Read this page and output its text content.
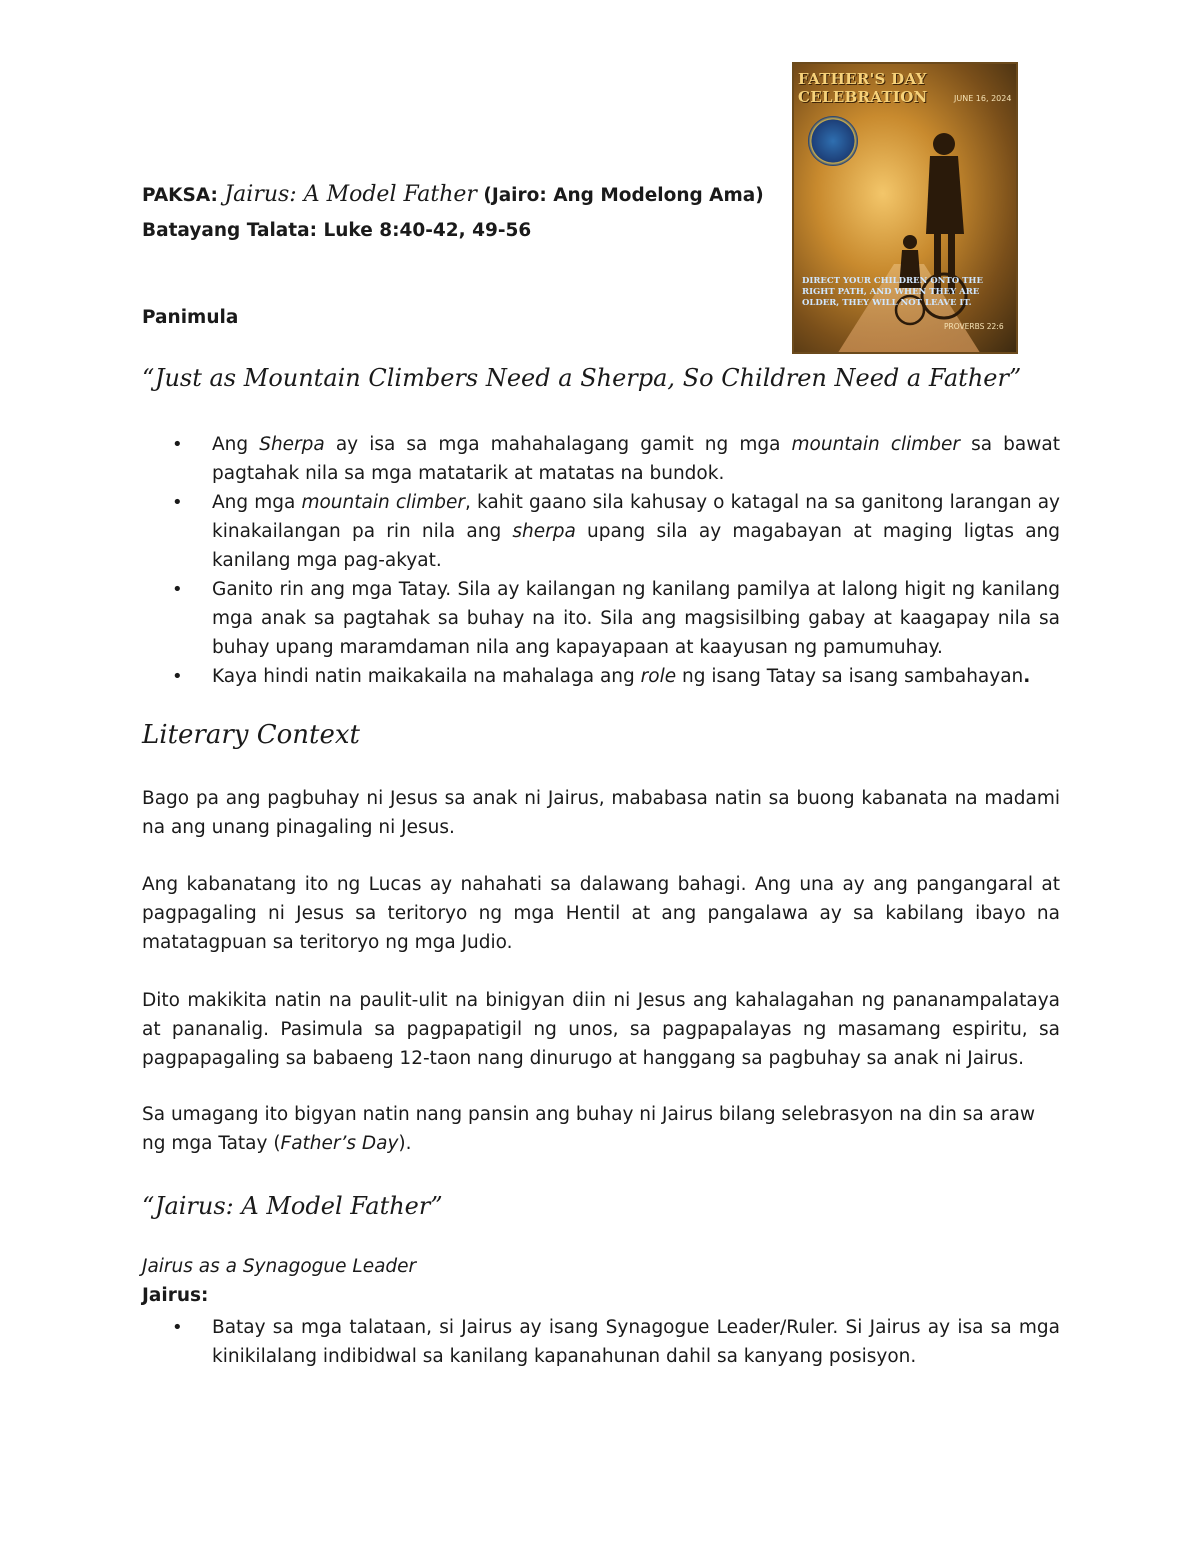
FATHER'S DAY CELEBRATION	JUNE 16, 2024
DIRECT YOUR CHILDREN ONTO THE RIGHT PATH, AND WHEN THEY ARE OLDER, THEY WILL NOT LEAVE IT.
PROVERBS 22:6
PAKSA: Jairus: A Model Father (Jairo: Ang Modelong Ama)
Batayang Talata: Luke 8:40-42, 49-56
Panimula
“Just as Mountain Climbers Need a Sherpa, So Children Need a Father”
• Ang Sherpa ay isa sa mga mahahalagang gamit ng mga mountain climber sa bawat pagtahak nila sa mga matatarik at matatas na bundok.
• Ang mga mountain climber, kahit gaano sila kahusay o katagal na sa ganitong larangan ay kinakailangan pa rin nila ang sherpa upang sila ay magabayan at maging ligtas ang kanilang mga pag-akyat.
• Ganito rin ang mga Tatay. Sila ay kailangan ng kanilang pamilya at lalong higit ng kanilang mga anak sa pagtahak sa buhay na ito. Sila ang magsisilbing gabay at kaagapay nila sa buhay upang maramdaman nila ang kapayapaan at kaayusan ng pamumuhay.
• Kaya hindi natin maikakaila na mahalaga ang role ng isang Tatay sa isang sambahayan.
Literary Context
Bago pa ang pagbuhay ni Jesus sa anak ni Jairus, mababasa natin sa buong kabanata na madami na ang unang pinagaling ni Jesus.
Ang kabanatang ito ng Lucas ay nahahati sa dalawang bahagi. Ang una ay ang pangangaral at pagpagaling ni Jesus sa teritoryo ng mga Hentil at ang pangalawa ay sa kabilang ibayo na matatagpuan sa teritoryo ng mga Judio.
Dito makikita natin na paulit-ulit na binigyan diin ni Jesus ang kahalagahan ng pananampalataya at pananalig. Pasimula sa pagpapatigil ng unos, sa pagpapalayas ng masamang espiritu, sa pagpapagaling sa babaeng 12-taon nang dinurugo at hanggang sa pagbuhay sa anak ni Jairus.
Sa umagang ito bigyan natin nang pansin ang buhay ni Jairus bilang selebrasyon na din sa araw ng mga Tatay (Father’s Day).
“Jairus: A Model Father”
Jairus as a Synagogue Leader
Jairus:
• Batay sa mga talataan, si Jairus ay isang Synagogue Leader/Ruler. Si Jairus ay isa sa mga kinikilalang indibidwal sa kanilang kapanahunan dahil sa kanyang posisyon.
